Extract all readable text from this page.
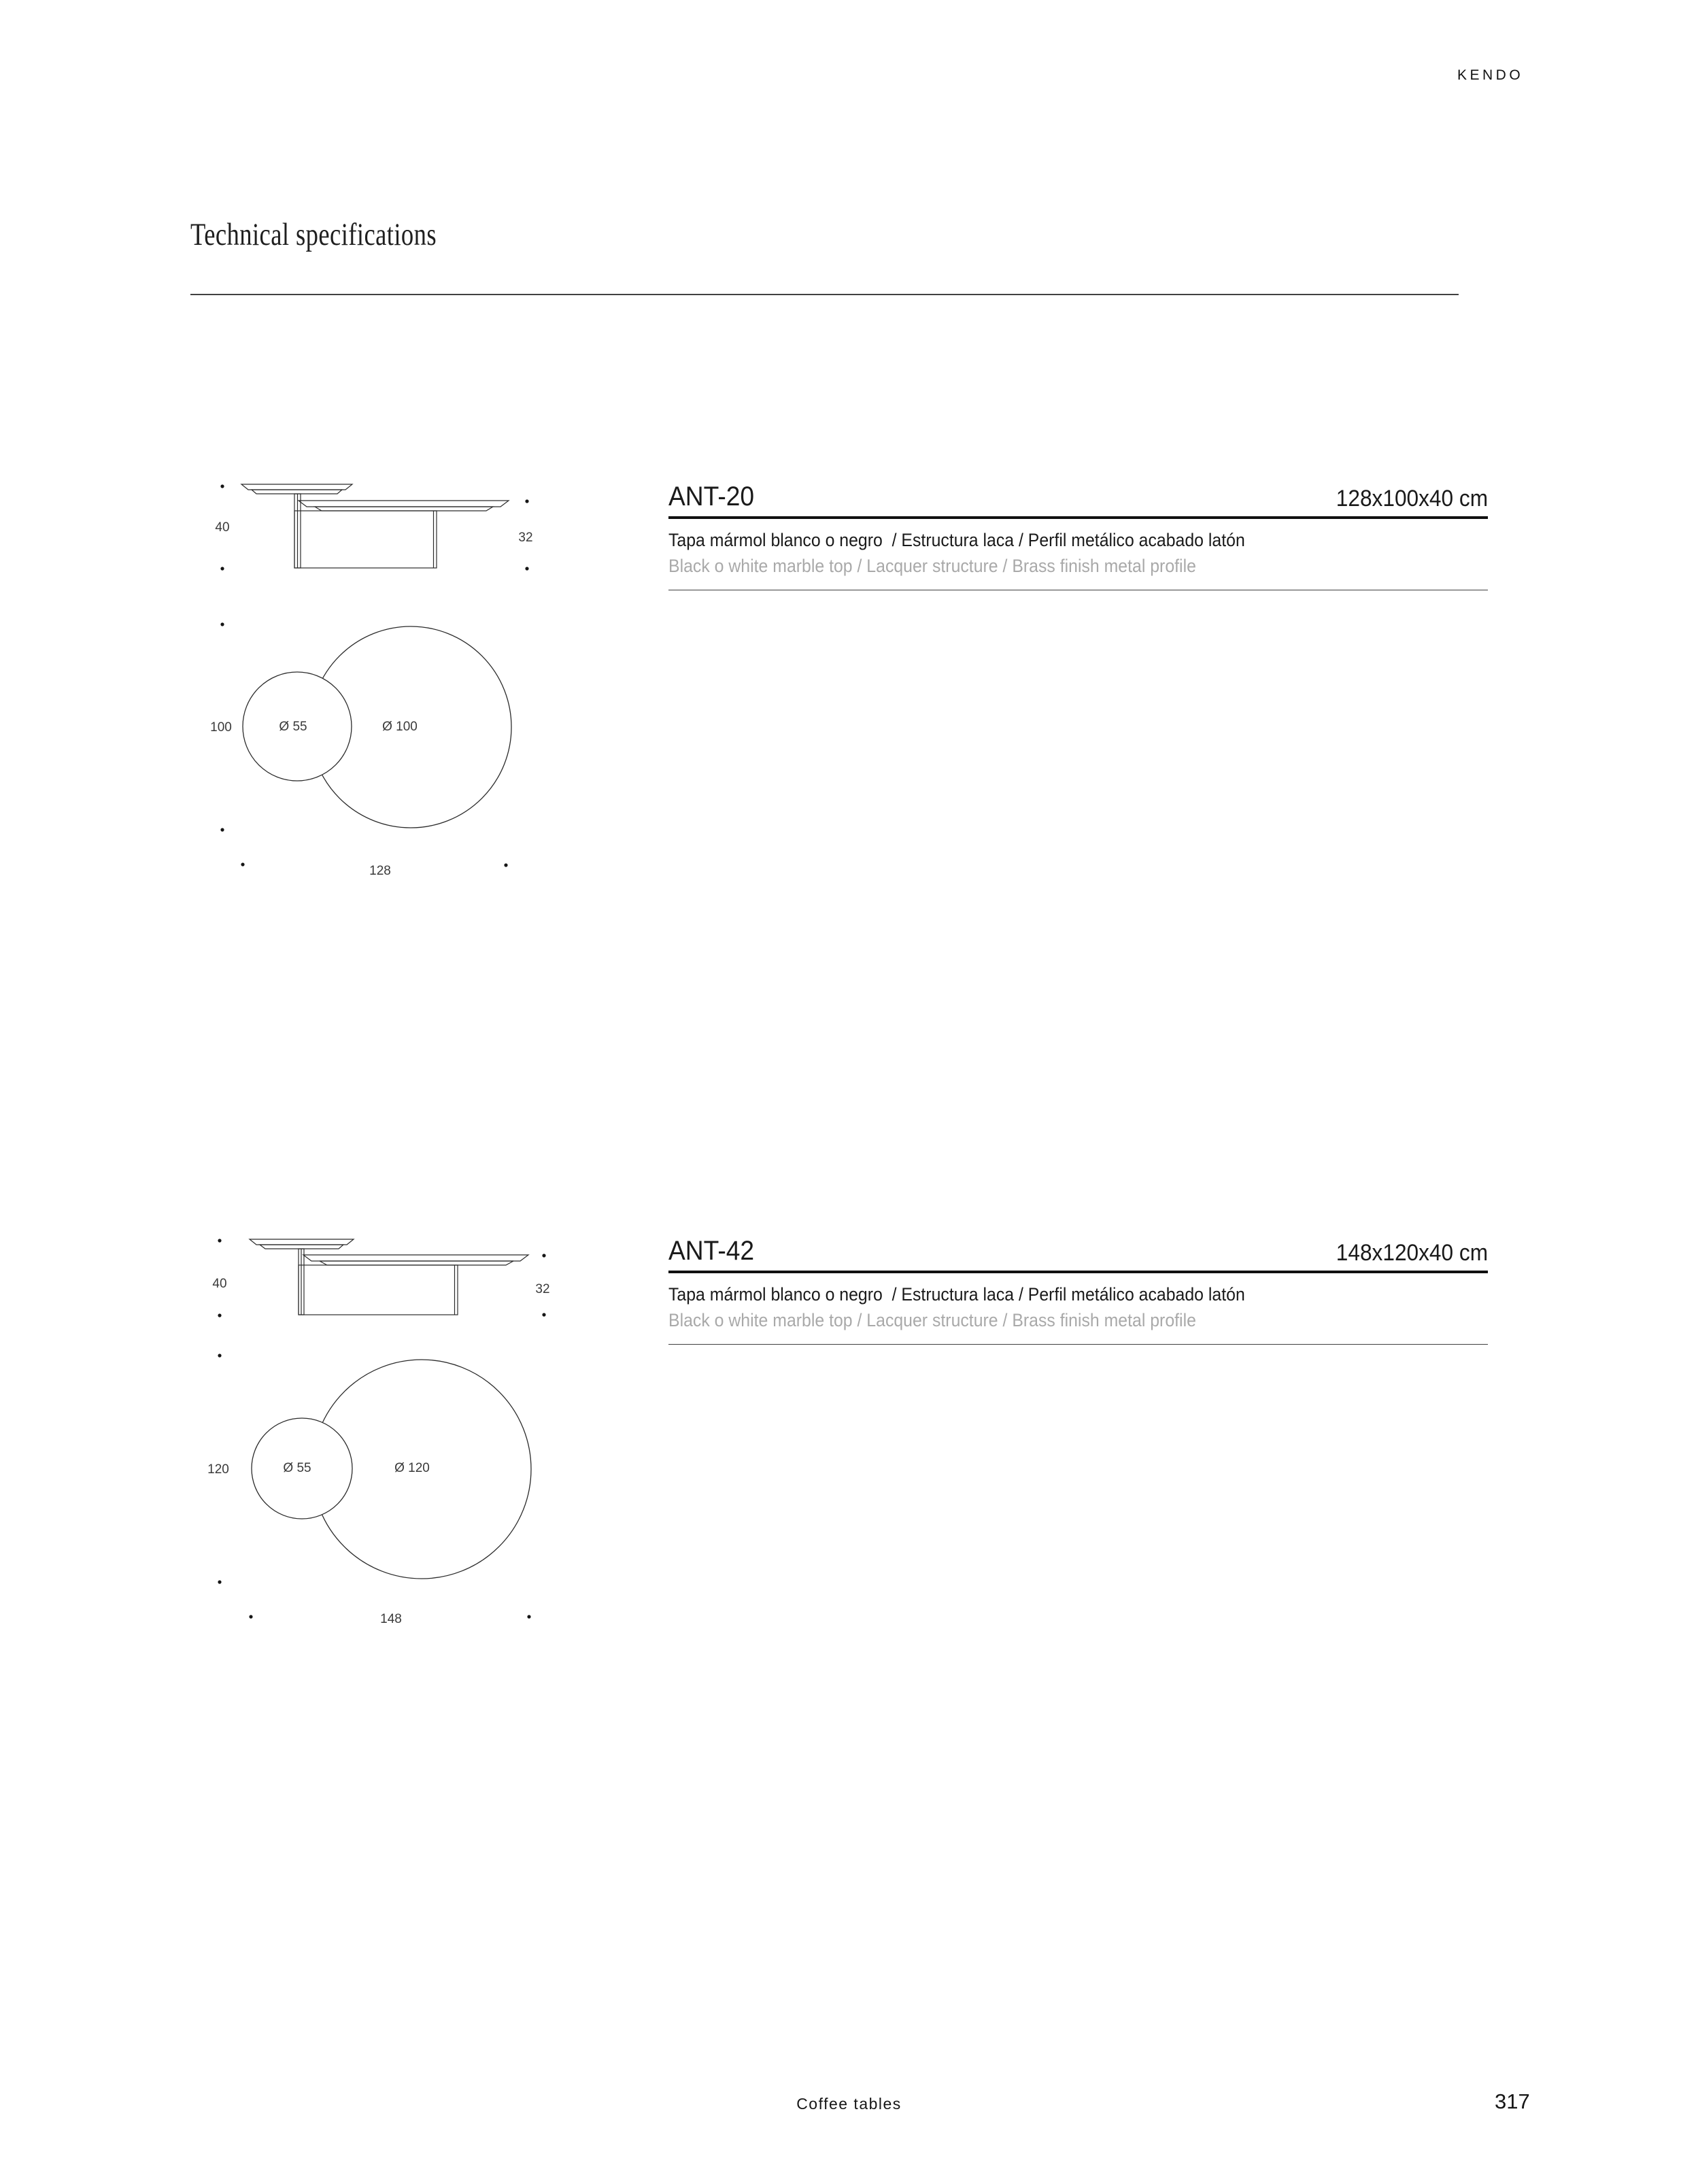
KENDO
Technical specifications
40
32
100	Ø 55	Ø 100
128
ANT-20	128x100x40 cm
Tapa mármol blanco o negro  / Estructura laca / Perfil metálico acabado latón
Black o white marble top / Lacquer structure / Brass finish metal profile
40	32
120	Ø 55	Ø 120
148
ANT-42	148x120x40 cm
Tapa mármol blanco o negro  / Estructura laca / Perfil metálico acabado latón
Black o white marble top / Lacquer structure / Brass finish metal profile
Coffee tables	317
